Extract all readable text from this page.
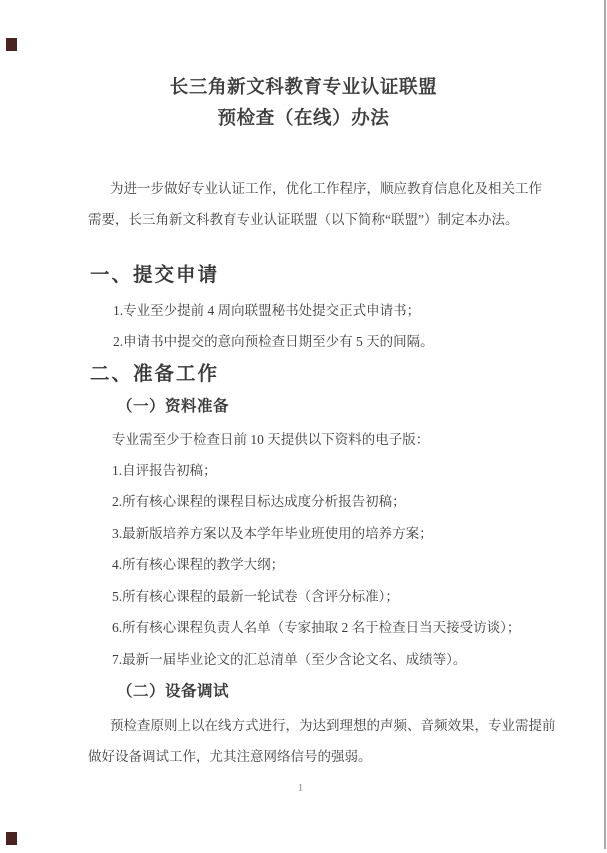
长三角新文科教育专业认证联盟
预检查（在线）办法
为进一步做好专业认证工作，优化工作程序，顺应教育信息化及相关工作
需要，长三角新文科教育专业认证联盟（以下简称“联盟”）制定本办法。
一、提交申请
1.专业至少提前 4 周向联盟秘书处提交正式申请书；
2.申请书中提交的意向预检查日期至少有 5 天的间隔。
二、准备工作
（一）资料准备
专业需至少于检查日前 10 天提供以下资料的电子版：
1.自评报告初稿；
2.所有核心课程的课程目标达成度分析报告初稿；
3.最新版培养方案以及本学年毕业班使用的培养方案；
4.所有核心课程的教学大纲；
5.所有核心课程的最新一轮试卷（含评分标准）；
6.所有核心课程负责人名单（专家抽取 2 名于检查日当天接受访谈）；
7.最新一届毕业论文的汇总清单（至少含论文名、成绩等）。
（二）设备调试
预检查原则上以在线方式进行，为达到理想的声频、音频效果，专业需提前
做好设备调试工作，尤其注意网络信号的强弱。
1
